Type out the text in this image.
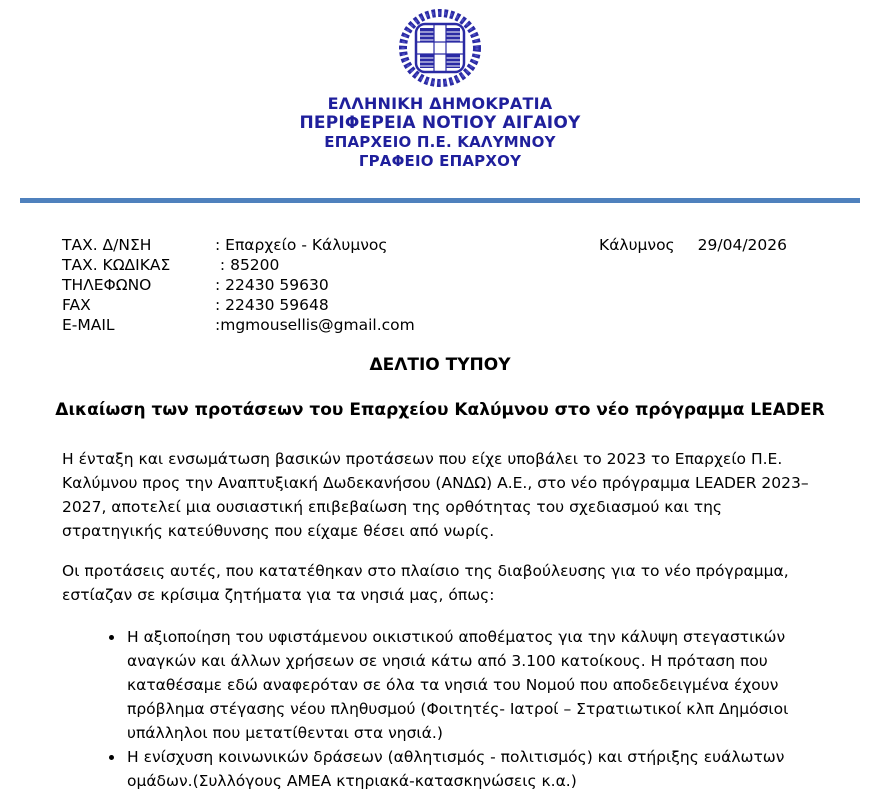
ΕΛΛΗΝΙΚΗ ΔΗΜΟΚΡΑΤΙΑ
ΠΕΡΙΦΕΡΕΙΑ ΝΟΤΙΟΥ ΑΙΓΑΙΟΥ
ΕΠΑΡΧΕΙΟ Π.Ε. ΚΑΛΥΜΝΟΥ
ΓΡΑΦΕΙΟ ΕΠΑΡΧΟΥ
ΤΑΧ. Δ/ΝΣΗ	: Επαρχείο - Κάλυμνος
ΤΑΧ. ΚΩΔΙΚΑΣ	: 85200
ΤΗΛΕΦΩΝΟ	: 22430 59630
FAX	: 22430 59648
E-MAIL	:mgmousellis@gmail.com
Κάλυμνος 29/04/2026
ΔΕΛΤΙΟ ΤΥΠΟΥ
Δικαίωση των προτάσεων του Επαρχείου Καλύμνου στο νέο πρόγραμμα LEADER

Η ένταξη και ενσωμάτωση βασικών προτάσεων που είχε υποβάλει το 2023 το Επαρχείο Π.Ε. Καλύμνου προς την Αναπτυξιακή Δωδεκανήσου (ΑΝΔΩ) Α.Ε., στο νέο πρόγραμμα LEADER 2023–2027, αποτελεί μια ουσιαστική επιβεβαίωση της ορθότητας του σχεδιασμού και της στρατηγικής κατεύθυνσης που είχαμε θέσει από νωρίς.

Οι προτάσεις αυτές, που κατατέθηκαν στο πλαίσιο της διαβούλευσης για το νέο πρόγραμμα, εστίαζαν σε κρίσιμα ζητήματα για τα νησιά μας, όπως:

• Η αξιοποίηση του υφιστάμενου οικιστικού αποθέματος για την κάλυψη στεγαστικών αναγκών και άλλων χρήσεων σε νησιά κάτω από 3.100 κατοίκους. Η πρόταση που καταθέσαμε εδώ αναφερόταν σε όλα τα νησιά του Νομού που αποδεδειγμένα έχουν πρόβλημα στέγασης νέου πληθυσμού (Φοιτητές- Ιατροί – Στρατιωτικοί κλπ Δημόσιοι υπάλληλοι που μετατίθενται στα νησιά.)
• Η ενίσχυση κοινωνικών δράσεων (αθλητισμός - πολιτισμός) και στήριξης ευάλωτων ομάδων.(Συλλόγους ΑΜΕΑ κτηριακά-κατασκηνώσεις κ.α.)
